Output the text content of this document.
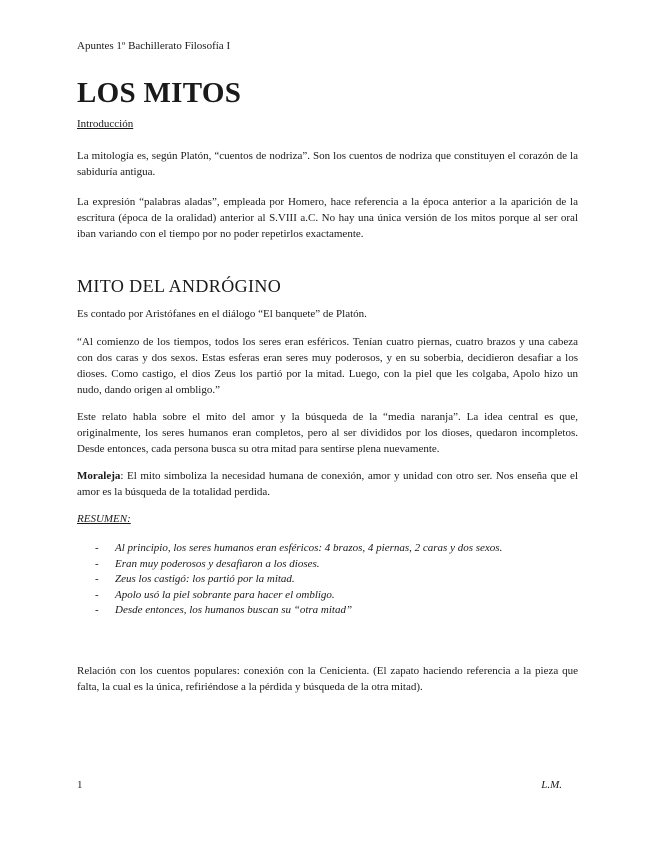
Apuntes 1º Bachillerato Filosofía I
LOS MITOS
Introducción

La mitología es, según Platón, “cuentos de nodriza”. Son los cuentos de nodriza que constituyen el corazón de la sabiduría antigua.

La expresión “palabras aladas”, empleada por Homero, hace referencia a la época anterior a la aparición de la escritura (época de la oralidad) anterior al S.VIII a.C. No hay una única versión de los mitos porque al ser oral iban variando con el tiempo por no poder repetirlos exactamente.

MITO DEL ANDRÓGINO

Es contado por Aristófanes en el diálogo “El banquete” de Platón.

“Al comienzo de los tiempos, todos los seres eran esféricos. Tenían cuatro piernas, cuatro brazos y una cabeza con dos caras y dos sexos. Estas esferas eran seres muy poderosos, y en su soberbia, decidieron desafiar a los dioses. Como castigo, el dios Zeus los partió por la mitad. Luego, con la piel que les colgaba, Apolo hizo un nudo, dando origen al ombligo.”

Este relato habla sobre el mito del amor y la búsqueda de la “media naranja”. La idea central es que, originalmente, los seres humanos eran completos, pero al ser divididos por los dioses, quedaron incompletos. Desde entonces, cada persona busca su otra mitad para sentirse plena nuevamente.

Moraleja: El mito simboliza la necesidad humana de conexión, amor y unidad con otro ser. Nos enseña que el amor es la búsqueda de la totalidad perdida.

RESUMEN:
- Al principio, los seres humanos eran esféricos: 4 brazos, 4 piernas, 2 caras y dos sexos.
- Eran muy poderosos y desafiaron a los dioses.
- Zeus los castigó: los partió por la mitad.
- Apolo usó la piel sobrante para hacer el ombligo.
- Desde entonces, los humanos buscan su “otra mitad”

Relación con los cuentos populares: conexión con la Cenicienta. (El zapato haciendo referencia a la pieza que falta, la cual es la única, refiriéndose a la pérdida y búsqueda de la otra mitad).

1	L.M.
